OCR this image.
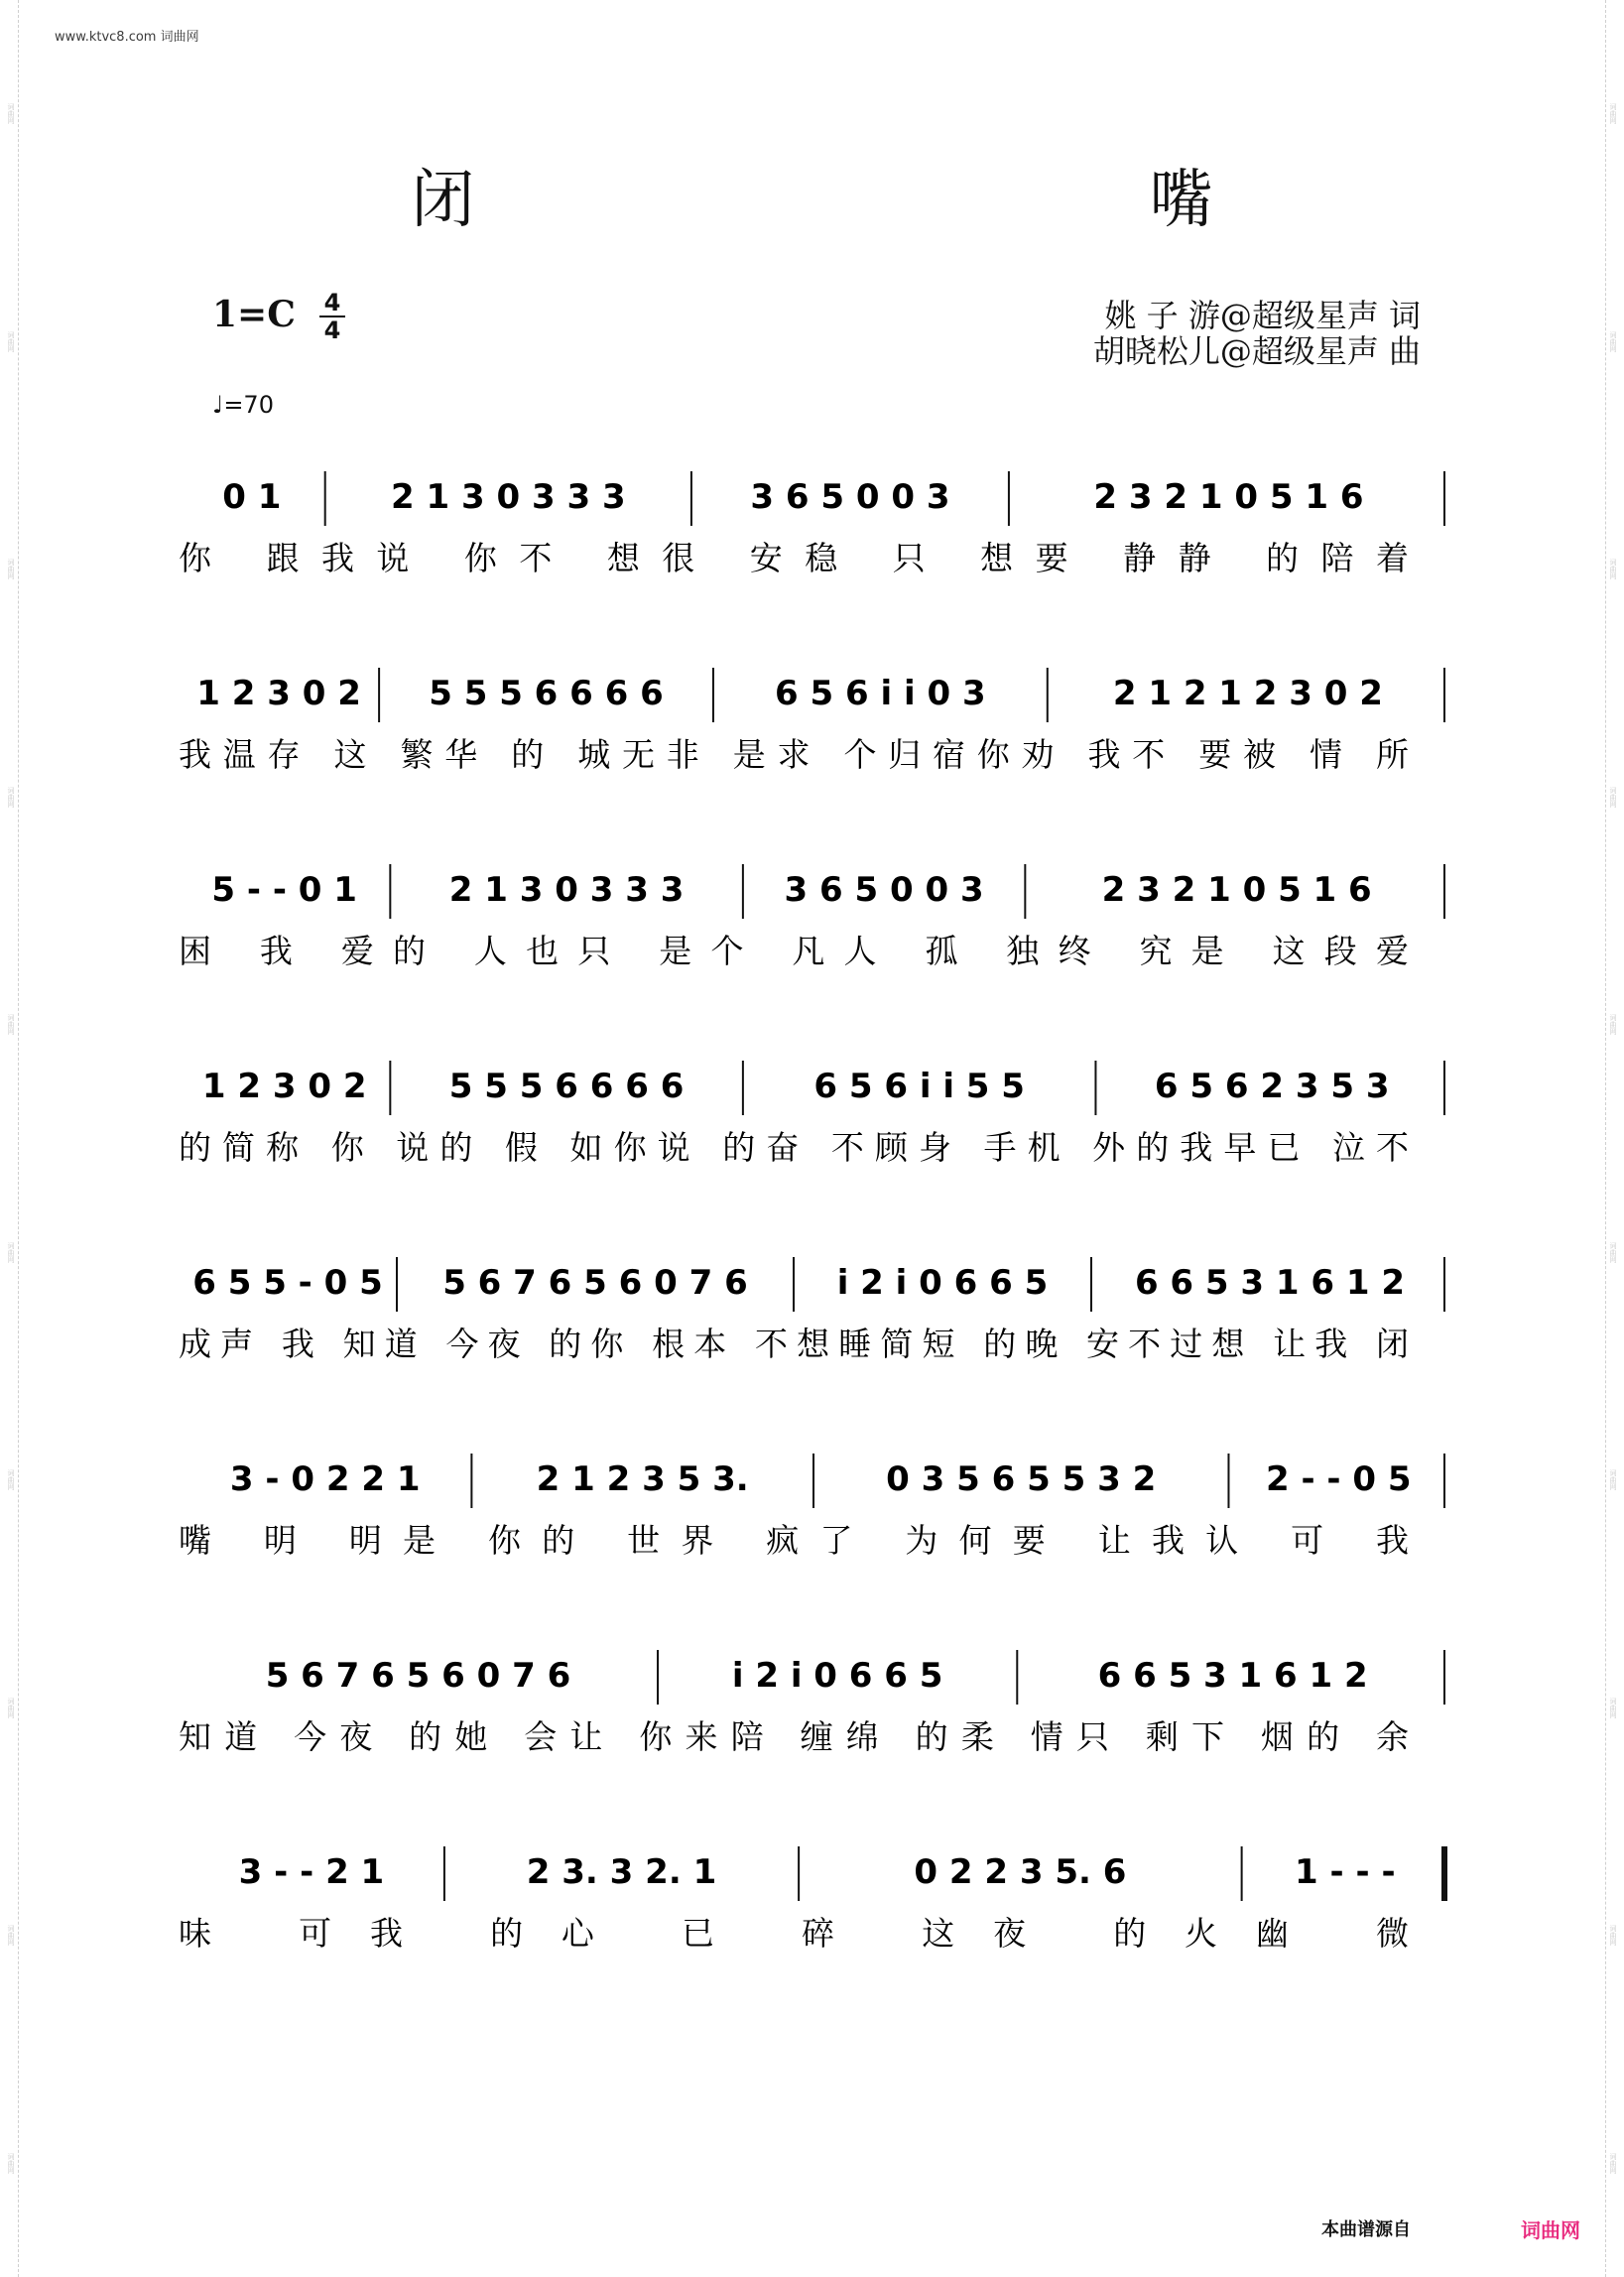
词曲网
词曲网
词曲网
词曲网
词曲网
词曲网
词曲网
词曲网
词曲网
词曲网
词曲网
词曲网
词曲网
词曲网
词曲网
词曲网
词曲网
词曲网
词曲网
词曲网
www.ktvc8.com 词曲网
闭 嘴
1=C 4
4	姚 子 游@超级星声 词
胡晓松儿@超级星声 曲
♩=70
0 1	2 1 3 0 3 3 3	3 6 5 0 0 3	2 3 2 1 0 5 1 6
你 跟我说 你不 想很 安稳 只 想要 静静 的陪着
1 2 3 0 2 5 5 5 6 6 6 6	6 5 6 i i 0 3	2 1 2 1 2 3 0 2
我温存 这 繁华 的 城无非 是求 个归宿你劝 我不 要被 情 所
5 - - 0 1	2 1 3 0 3 3 3	3 6 5 0 0 3	2 3 2 1 0 5 1 6
困 我 爱的 人也只 是个 凡人 孤 独终 究是 这段爱
1 2 3 0 2 5 5 5 6 6 6 6	6 5 6 i i 5 5	6 5 6 2 3 5 3
的简称 你 说的 假 如你说 的奋 不顾身 手机 外的我早已 泣不
6 5 5 - 0 5 5 6 7 6 5 6 0 7 6	i 2 i 0 6 6 5	6 6 5 3 1 6 1 2
成声 我 知道 今夜 的你 根本 不想睡简短 的晚 安不过想 让我 闭
3 - 0 2 2 1	2 1 2 3 5 3.	0 3 5 6 5 5 3 2	2 - - 0 5
嘴 明 明是 你的 世界 疯了 为何要 让我认 可 我
5 6 7 6 5 6 0 7 6	i 2 i 0 6 6 5	6 6 5 3 1 6 1 2
知道 今夜 的她 会让 你来陪 缠绵 的柔 情只 剩下 烟的 余
3 - - 2 1	2 3. 3 2. 1	0 2 2 3 5. 6	1 - - -
味 可我 的心 已 碎 这夜 的火幽 微
本曲谱源自	词曲网
